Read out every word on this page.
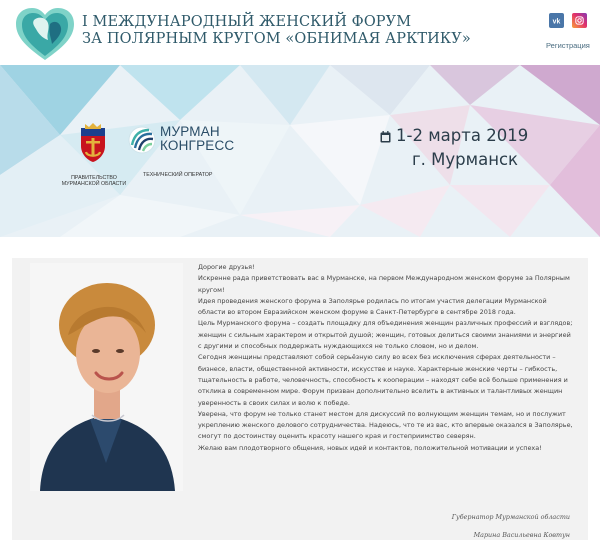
I МЕЖДУНАРОДНЫЙ ЖЕНСКИЙ ФОРУМ
ЗА ПОЛЯРНЫМ КРУГОМ «ОБНИМАЯ АРКТИКУ»
vk
Регистрация
ПРАВИТЕЛЬСТВО
МУРМАНСКОЙ ОБЛАСТИ
МУРМАН
КОНГРЕСС
ТЕХНИЧЕСКИЙ ОПЕРАТОР
1-2 марта 2019
г. Мурманск

Дорогие друзья!

Искренне рада приветствовать вас в Мурманске, на первом Международном женском форуме за Полярным кругом!

Идея проведения женского форума в Заполярье родилась по итогам участия делегации Мурманской области во втором Евразийском женском форуме в Санкт-Петербурге в сентябре 2018 года.

Цель Мурманского форума – создать площадку для объединения женщин различных профессий и взглядов; женщин с сильным характером и открытой душой; женщин, готовых делиться своими знаниями и энергией с другими и способных поддержать нуждающихся не только словом, но и делом.

Сегодня женщины представляют собой серьёзную силу во всех без исключения сферах деятельности – бизнесе, власти, общественной активности, искусстве и науке. Характерные женские черты – гибкость, тщательность в работе, человечность, способность к кооперации – находят себе всё больше применения и отклика в современном мире. Форум призван дополнительно вселить в активных и талантливых женщин уверенность в своих силах и волю к победе.

Уверена, что форум не только станет местом для дискуссий по волнующим женщин темам, но и послужит укреплению женского делового сотрудничества. Надеюсь, что те из вас, кто впервые оказался в Заполярье, смогут по достоинству оценить красоту нашего края и гостеприимство северян.

Желаю вам плодотворного общения, новых идей и контактов, положительной мотивации и успеха!

Губернатор Мурманской области
Марина Васильевна Ковтун
